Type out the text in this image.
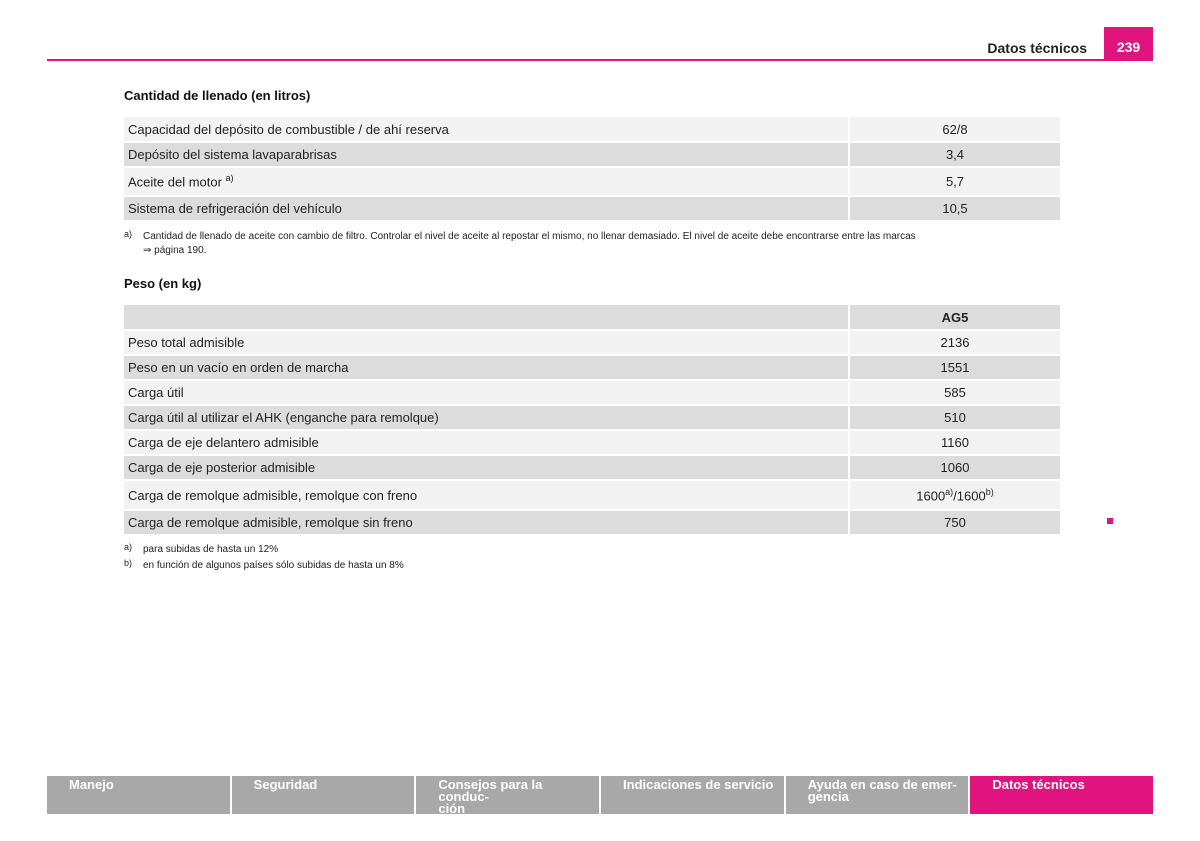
Datos técnicos	239
Cantidad de llenado (en litros)
Capacidad del depósito de combustible / de ahí reserva	62/8
Depósito del sistema lavaparabrisas	3,4
Aceite del motor $^{a)}$	5,7
Sistema de refrigeración del vehículo	10,5
a) Cantidad de llenado de aceite con cambio de filtro. Controlar el nivel de aceite al repostar el mismo, no llenar demasiado. El nivel de aceite debe encontrarse entre las marcas
⇒ página 190.
Peso (en kg)
	AG5
Peso total admisible	2136
Peso en un vacío en orden de marcha	1551
Carga útil	585
Carga útil al utilizar el AHK (enganche para remolque)	510
Carga de eje delantero admisible	1160
Carga de eje posterior admisible	1060
Carga de remolque admisible, remolque con freno	1600$^{a)}$/1600$^{b)}$
Carga de remolque admisible, remolque sin freno	750
a) para subidas de hasta un 12%
b) en función de algunos países sólo subidas de hasta un 8%
Manejo	Seguridad	Consejos para la conduc-
ción
Indicaciones de servicio	Ayuda en caso de emer-
gencia
Datos técnicos
